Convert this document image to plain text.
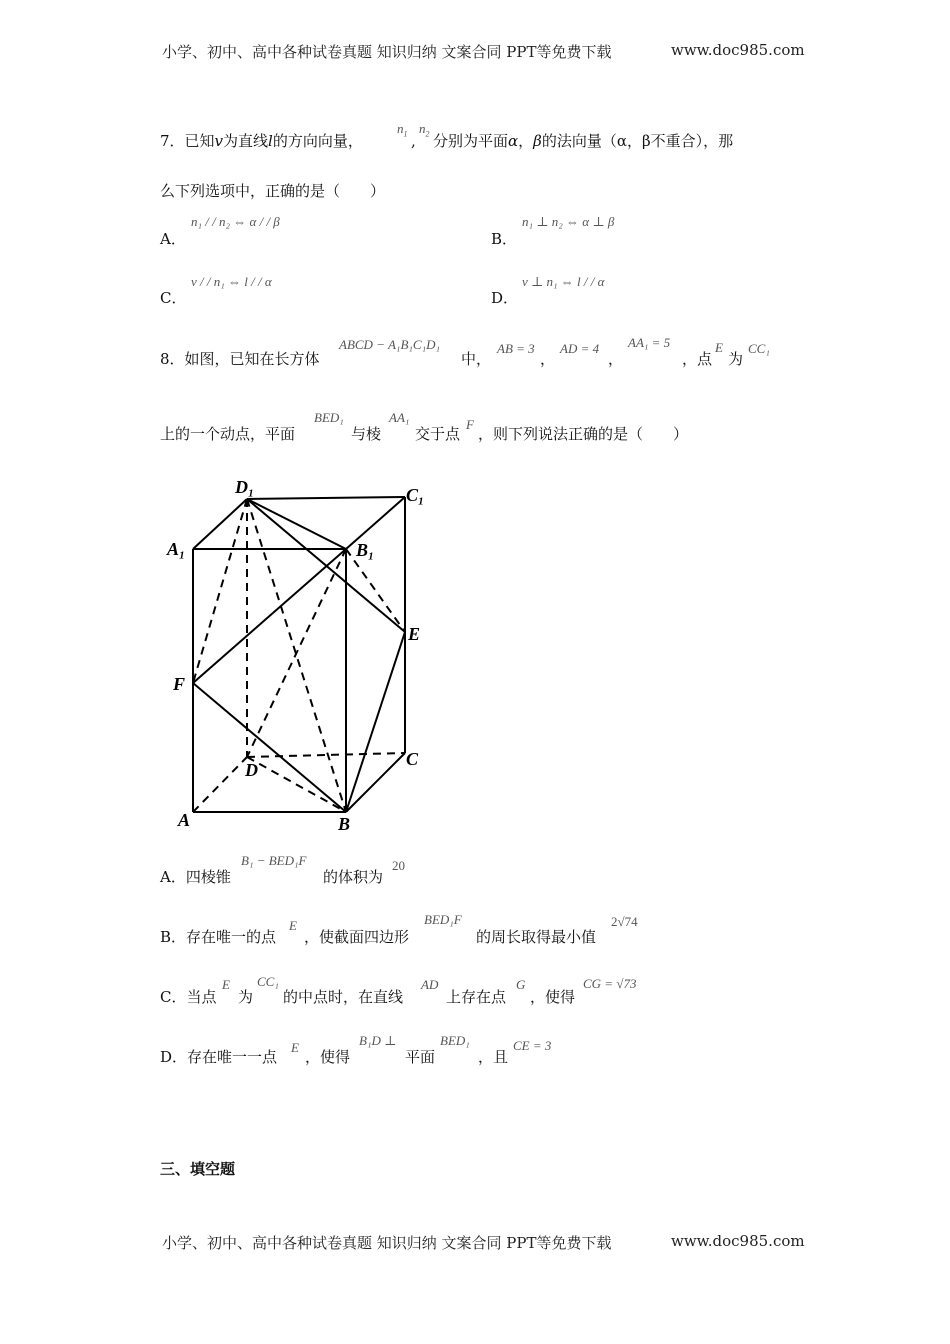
小学、初中、高中各种试卷真题 知识归纳 文案合同 PPT等免费下载	www.doc985.com
7．已知v为直线l的方向向量，
$n_1$ ,
$n_2$ 分别为平面α，β的法向量（α，β不重合），那
么下列选项中，正确的是（　　）
A．
n₁ / / n₂ ⇔ α / / β
B．
n₁ ⊥ n₂ ⇔ α ⊥ β
C．
v / / n₁ ⇔ l / / α
D．
v ⊥ n₁ ⇔ l / / α
8．如图，已知在长方体
ABCD − A₁B₁C₁D₁
中，
AB = 3
，
AD = 4
，
AA₁ = 5
，点
E
为
CC₁
上的一个动点，平面
BED₁
与棱
AA₁
交于点
F
，则下列说法正确的是（　　）
D₁	C₁
A₁	B₁
E
F
D
C
A	B
A．四棱锥
B₁ − BED₁F
的体积为
20
B．存在唯一的点
E
，使截面四边形
BED₁F
的周长取得最小值
2√74
C．当点
E
为
CC₁
的中点时，在直线
AD
上存在点
G
，使得
CG = √73
D．存在唯一一点
E
，使得
B₁D ⊥
平面
BED₁
，且
CE = 3
三、填空题
小学、初中、高中各种试卷真题 知识归纳 文案合同 PPT等免费下载	www.doc985.com
